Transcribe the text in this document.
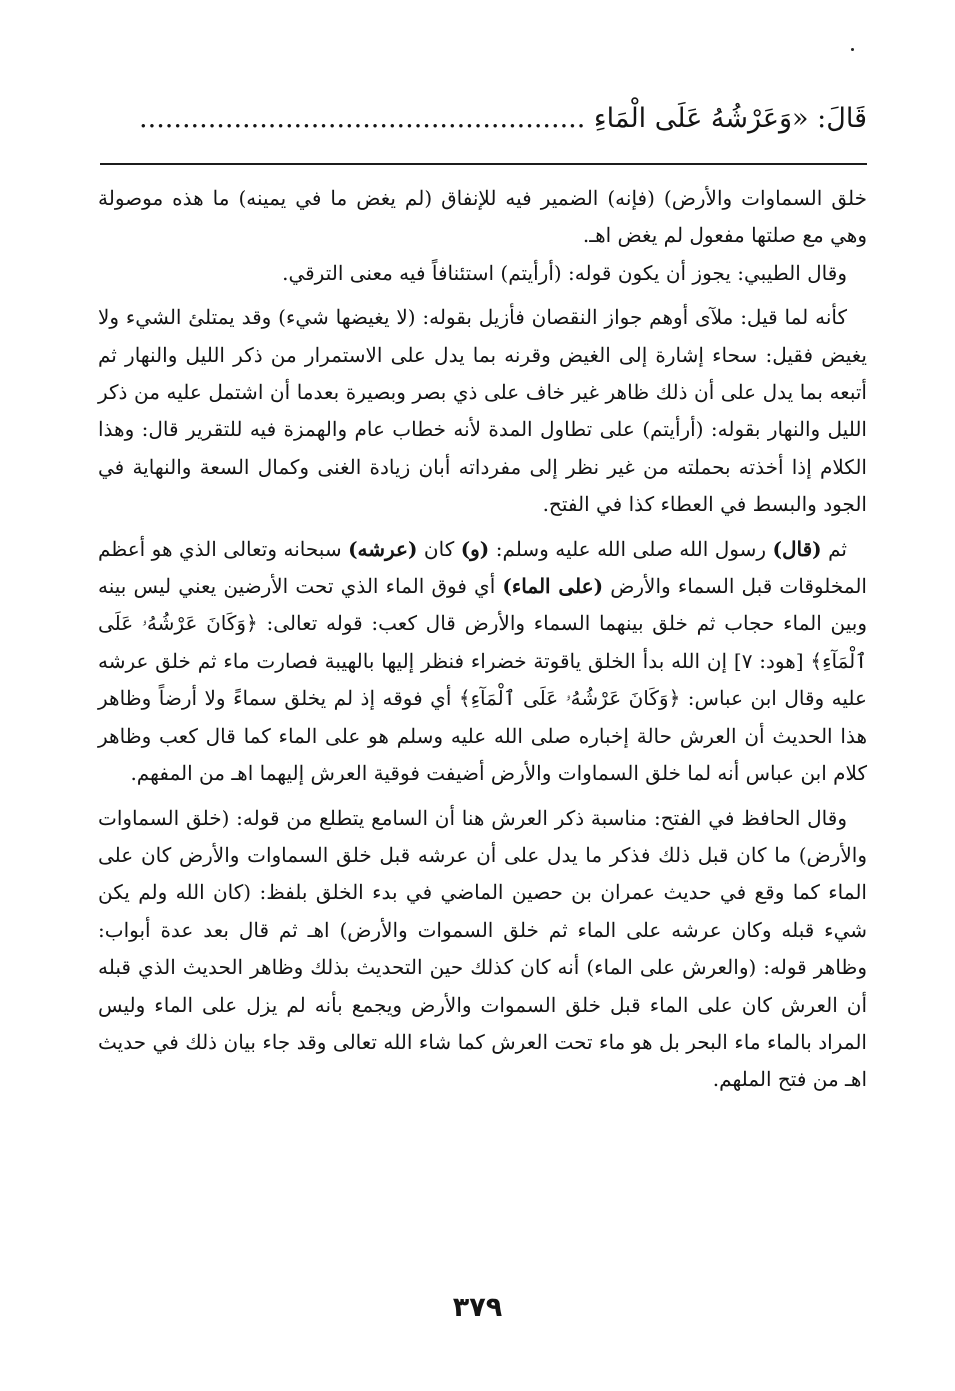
قَالَ: «وَعَرْشُهُ عَلَى الْمَاءِ ....................................................

خلق السماوات والأرض) (فإنه) الضمير فيه للإنفاق (لم يغض ما في يمينه) ما هذه موصولة وهي مع صلتها مفعول لم يغض اهـ.

وقال الطيبي: يجوز أن يكون قوله: (أرأيتم) استئنافاً فيه معنى الترقي.

كأنه لما قيل: ملآى أوهم جواز النقصان فأزيل بقوله: (لا يغيضها شيء) وقد يمتلئ الشيء ولا يغيض فقيل: سحاء إشارة إلى الغيض وقرنه بما يدل على الاستمرار من ذكر الليل والنهار ثم أتبعه بما يدل على أن ذلك ظاهر غير خاف على ذي بصر وبصيرة بعدما أن اشتمل عليه من ذكر الليل والنهار بقوله: (أرأيتم) على تطاول المدة لأنه خطاب عام والهمزة فيه للتقرير قال: وهذا الكلام إذا أخذته بحملته من غير نظر إلى مفرداته أبان زيادة الغنى وكمال السعة والنهاية في الجود والبسط في العطاء كذا في الفتح.

ثم (قال) رسول الله صلى الله عليه وسلم: (و) كان (عرشه) سبحانه وتعالى الذي هو أعظم المخلوقات قبل السماء والأرض (على الماء) أي فوق الماء الذي تحت الأرضين يعني ليس بينه وبين الماء حجاب ثم خلق بينهما السماء والأرض قال كعب: قوله تعالى: ﴿وَكَانَ عَرْشُهُۥ عَلَى ٱلْمَآءِ﴾ [هود: ٧] إن الله بدأ الخلق ياقوتة خضراء فنظر إليها بالهيبة فصارت ماء ثم خلق عرشه عليه وقال ابن عباس: ﴿وَكَانَ عَرْشُهُۥ عَلَى ٱلْمَآءِ﴾ أي فوقه إذ لم يخلق سماءً ولا أرضاً وظاهر هذا الحديث أن العرش حالة إخباره صلى الله عليه وسلم هو على الماء كما قال كعب وظاهر كلام ابن عباس أنه لما خلق السماوات والأرض أضيفت فوقية العرش إليهما اهـ من المفهم.

وقال الحافظ في الفتح: مناسبة ذكر العرش هنا أن السامع يتطلع من قوله: (خلق السماوات والأرض) ما كان قبل ذلك فذكر ما يدل على أن عرشه قبل خلق السماوات والأرض كان على الماء كما وقع في حديث عمران بن حصين الماضي في بدء الخلق بلفظ: (كان الله ولم يكن شيء قبله وكان عرشه على الماء ثم خلق السموات والأرض) اهـ ثم قال بعد عدة أبواب: وظاهر قوله: (والعرش على الماء) أنه كان كذلك حين التحديث بذلك وظاهر الحديث الذي قبله أن العرش كان على الماء قبل خلق السموات والأرض ويجمع بأنه لم يزل على الماء وليس المراد بالماء ماء البحر بل هو ماء تحت العرش كما شاء الله تعالى وقد جاء بيان ذلك في حديث اهـ من فتح الملهم.

٣٧٩
